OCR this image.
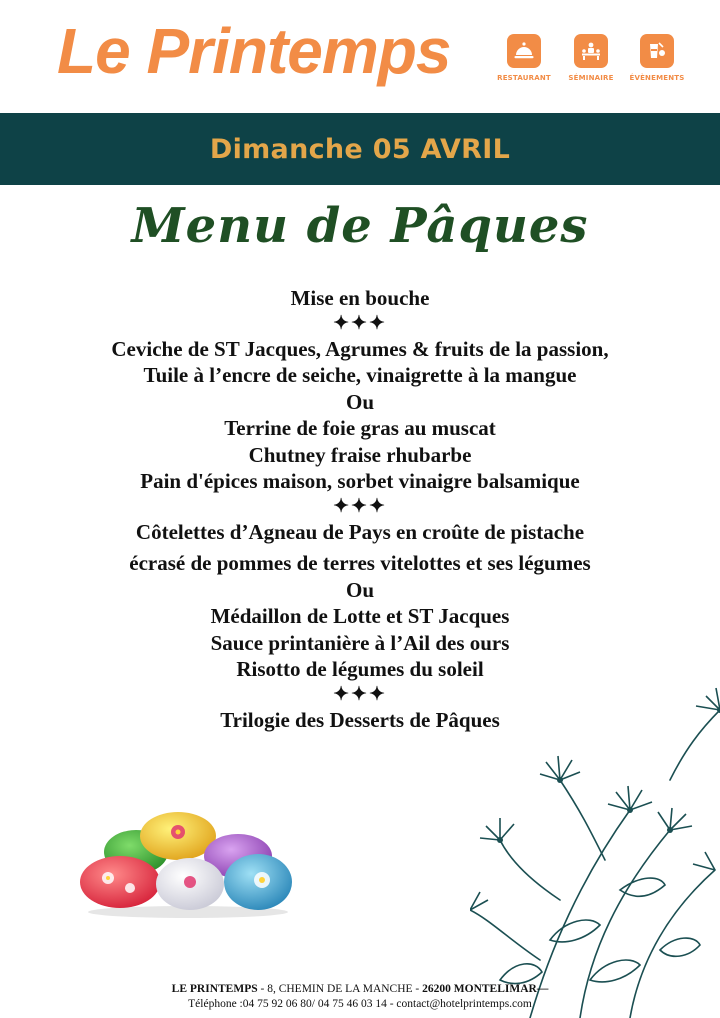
Le Printemps	RESTAURANT SÉMINAIRE ÉVÈNEMENTS
Dimanche 05 AVRIL
Menu de Pâques
Mise en bouche
✦✦✦
Ceviche de ST Jacques, Agrumes & fruits de la passion,
Tuile à l’encre de seiche, vinaigrette à la mangue
Ou
Terrine de foie gras au muscat
Chutney fraise rhubarbe
Pain d'épices maison, sorbet vinaigre balsamique
✦✦✦
Côtelettes d’Agneau de Pays en croûte de pistache
écrasé de pommes de terres vitelottes et ses légumes
Ou
Médaillon de Lotte et ST Jacques
Sauce printanière à l’Ail des ours
Risotto de légumes du soleil
✦✦✦
Trilogie des Desserts de Pâques
LE PRINTEMPS - 8, CHEMIN DE LA MANCHE - 26200 MONTELIMAR—
Téléphone :04 75 92 06 80/ 04 75 46 03 14 - contact@hotelprintemps.com
